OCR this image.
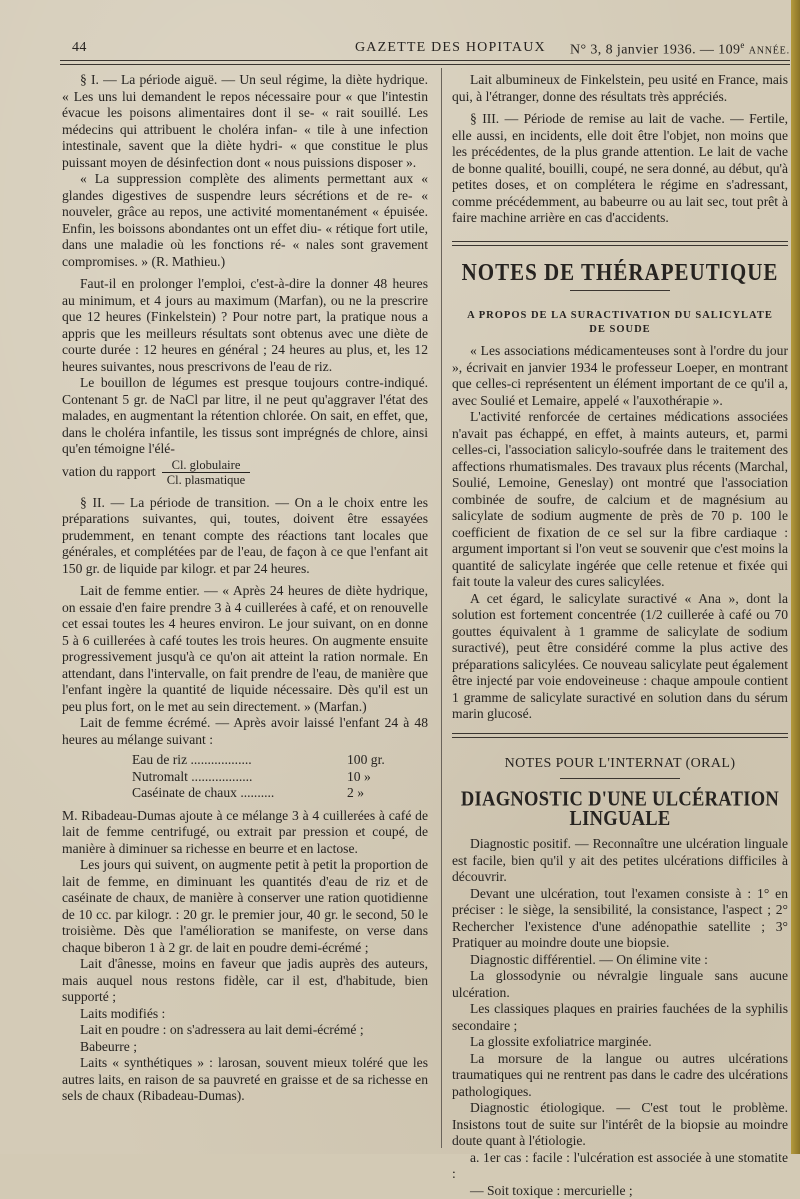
44	GAZETTE DES HOPITAUX N° 3, 8 janvier 1936. — 109e ANNÉE.

§ I. — La période aiguë. — Un seul régime, la diète hydrique. « Les uns lui demandent le repos nécessaire pour « que l'intestin évacue les poisons alimentaires dont il se- « rait souillé. Les médecins qui attribuent le choléra infan- « tile à une infection intestinale, savent que la diète hydri- « que constitue le plus puissant moyen de désinfection dont « nous puissions disposer ».

« La suppression complète des aliments permettant aux « glandes digestives de suspendre leurs sécrétions et de re- « nouveler, grâce au repos, une activité momentanément « épuisée. Enfin, les boissons abondantes ont un effet diu- « rétique fort utile, dans une maladie où les fonctions ré- « nales sont gravement compromises. » (R. Mathieu.)

Faut-il en prolonger l'emploi, c'est-à-dire la donner 48 heures au minimum, et 4 jours au maximum (Marfan), ou ne la prescrire que 12 heures (Finkelstein) ? Pour notre part, la pratique nous a appris que les meilleurs résultats sont obtenus avec une diète de courte durée : 12 heures en général ; 24 heures au plus, et, les 12 heures suivantes, nous prescrivons de l'eau de riz.

Le bouillon de légumes est presque toujours contre-indiqué. Contenant 5 gr. de NaCl par litre, il ne peut qu'aggraver l'état des malades, en augmentant la rétention chlorée. On sait, en effet, que, dans le choléra infantile, les tissus sont imprégnés de chlore, ainsi qu'en témoigne l'élé-

vation du rapport $\frac{\text{Cl. globulaire}}{\text{Cl. plasmatique}}$

§ II. — La période de transition. — On a le choix entre les préparations suivantes, qui, toutes, doivent être essayées prudemment, en tenant compte des réactions tant locales que générales, et complétées par de l'eau, de façon à ce que l'enfant ait 150 gr. de liquide par kilogr. et par 24 heures.

Lait de femme entier. — « Après 24 heures de diète hydrique, on essaie d'en faire prendre 3 à 4 cuillerées à café, et on renouvelle cet essai toutes les 4 heures environ. Le jour suivant, on en donne 5 à 6 cuillerées à café toutes les trois heures. On augmente ensuite progressivement jusqu'à ce qu'on ait atteint la ration normale. En attendant, dans l'intervalle, on fait prendre de l'eau, de manière que l'enfant ingère la quantité de liquide nécessaire. Dès qu'il est un peu plus fort, on le met au sein directement. » (Marfan.)

Lait de femme écrémé. — Après avoir laissé l'enfant 24 à 48 heures au mélange suivant :

Eau de riz ..................	100 gr.
Nutromalt ..................	10 »
Caséinate de chaux ..........	2 »

M. Ribadeau-Dumas ajoute à ce mélange 3 à 4 cuillerées à café de lait de femme centrifugé, ou extrait par pression et coupé, de manière à diminuer sa richesse en beurre et en lactose.

Les jours qui suivent, on augmente petit à petit la proportion de lait de femme, en diminuant les quantités d'eau de riz et de caséinate de chaux, de manière à conserver une ration quotidienne de 10 cc. par kilogr. : 20 gr. le premier jour, 40 gr. le second, 50 le troisième. Dès que l'amélioration se manifeste, on verse dans chaque biberon 1 à 2 gr. de lait en poudre demi-écrémé ;

Lait d'ânesse, moins en faveur que jadis auprès des auteurs, mais auquel nous restons fidèle, car il est, d'habitude, bien supporté ;

Laits modifiés :

Lait en poudre : on s'adressera au lait demi-écrémé ;

Babeurre ;

Laits « synthétiques » : larosan, souvent mieux toléré que les autres laits, en raison de sa pauvreté en graisse et de sa richesse en sels de chaux (Ribadeau-Dumas).

Lait albumineux de Finkelstein, peu usité en France, mais qui, à l'étranger, donne des résultats très appréciés.

§ III. — Période de remise au lait de vache. — Fertile, elle aussi, en incidents, elle doit être l'objet, non moins que les précédentes, de la plus grande attention. Le lait de vache de bonne qualité, bouilli, coupé, ne sera donné, au début, qu'à petites doses, et on complétera le régime en s'adressant, comme précédemment, au babeurre ou au lait sec, tout prêt à faire machine arrière en cas d'accidents.

NOTES DE THÉRAPEUTIQUE
A PROPOS DE LA SURACTIVATION DU SALICYLATE
DE SOUDE

« Les associations médicamenteuses sont à l'ordre du jour », écrivait en janvier 1934 le professeur Loeper, en montrant que celles-ci représentent un élément important de ce qu'il a, avec Soulié et Lemaire, appelé « l'auxothérapie ».

L'activité renforcée de certaines médications associées n'avait pas échappé, en effet, à maints auteurs, et, parmi celles-ci, l'association salicylo-soufrée dans le traitement des affections rhumatismales. Des travaux plus récents (Marchal, Soulié, Lemoine, Geneslay) ont montré que l'association combinée de soufre, de calcium et de magnésium au salicylate de sodium augmente de près de 70 p. 100 le coefficient de fixation de ce sel sur la fibre cardiaque : argument important si l'on veut se souvenir que c'est moins la quantité de salicylate ingérée que celle retenue et fixée qui fait toute la valeur des cures salicylées.

A cet égard, le salicylate suractivé « Ana », dont la solution est fortement concentrée (1/2 cuillerée à café ou 70 gouttes équivalent à 1 gramme de salicylate de sodium suractivé), peut être considéré comme la plus active des préparations salicylées. Ce nouveau salicylate peut également être injecté par voie endoveineuse : chaque ampoule contient 1 gramme de salicylate suractivé en solution dans du sérum marin glucosé.

NOTES POUR L'INTERNAT (ORAL)
DIAGNOSTIC D'UNE ULCÉRATION LINGUALE

Diagnostic positif. — Reconnaître une ulcération linguale est facile, bien qu'il y ait des petites ulcérations difficiles à découvrir.

Devant une ulcération, tout l'examen consiste à : 1° en préciser : le siège, la sensibilité, la consistance, l'aspect ; 2° Rechercher l'existence d'une adénopathie satellite ; 3° Pratiquer au moindre doute une biopsie.

Diagnostic différentiel. — On élimine vite :

La glossodynie ou névralgie linguale sans aucune ulcération.

Les classiques plaques en prairies fauchées de la syphilis secondaire ;

La glossite exfoliatrice marginée.

La morsure de la langue ou autres ulcérations traumatiques qui ne rentrent pas dans le cadre des ulcérations pathologiques.

Diagnostic étiologique. — C'est tout le problème. Insistons tout de suite sur l'intérêt de la biopsie au moindre doute quant à l'étiologie.

a. 1er cas : facile : l'ulcération est associée à une stomatite :

— Soit toxique : mercurielle ;
